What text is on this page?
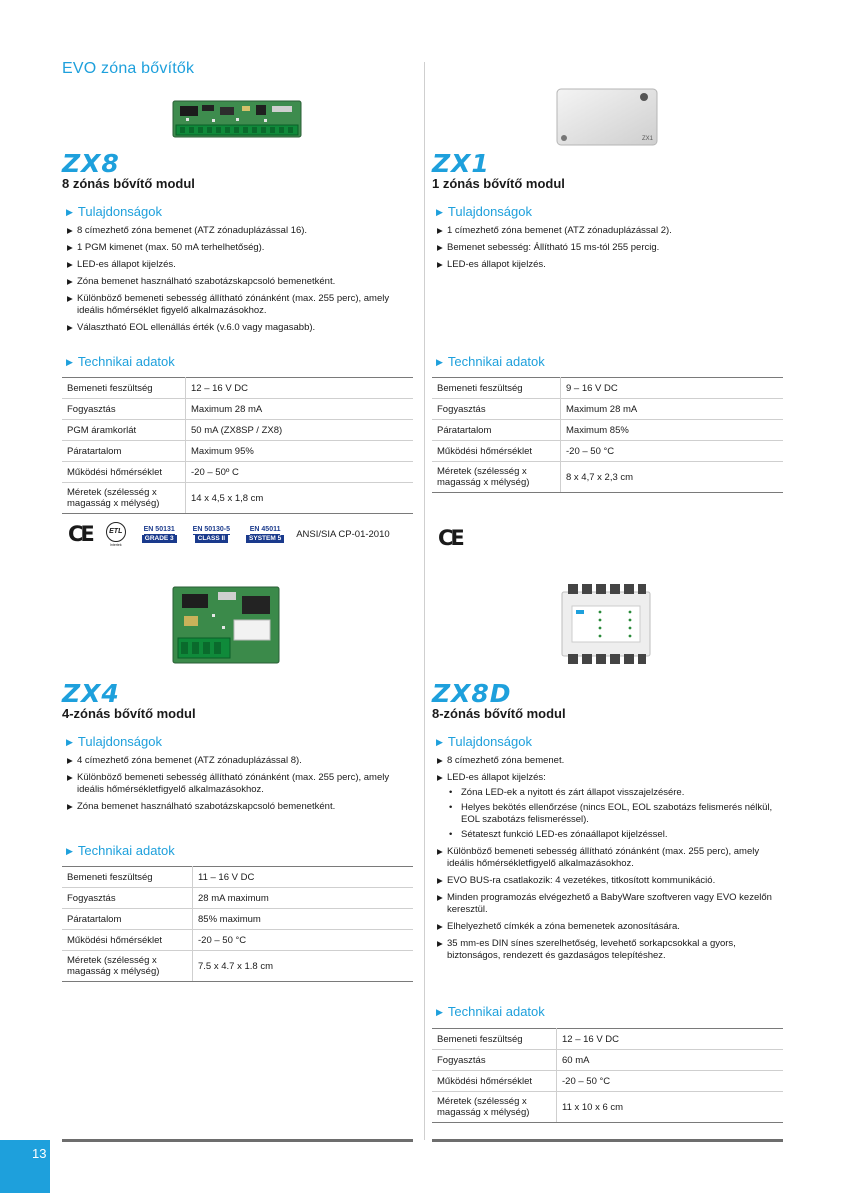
EVO zóna bővítők
ZX8
8 zónás bővítő modul
▶ Tulajdonságok
▶ 8 címezhető zóna bemenet (ATZ zónaduplázással 16).
▶ 1 PGM kimenet (max. 50 mA terhelhetőség).
▶ LED-es állapot kijelzés.
▶ Zóna bemenet használható szabotázskapcsoló bemenetként.
▶ Különböző bemeneti sebesség állítható zónánként (max. 255 perc), amely ideális hőmérséklet figyelő alkalmazásokhoz.
▶ Választható EOL ellenállás érték (v.6.0 vagy magasabb).
▶ Technikai adatok
Bemeneti feszültség	12 – 16 V DC
Fogyasztás	Maximum 28 mA
PGM áramkorlát	50 mA (ZX8SP / ZX8)
Páratartalom	Maximum 95%
Működési hőmérséklet	-20 – 50º C
Méretek (szélesség x magasság x mélység)	14 x 4,5 x 1,8 cm
CE	ETL
Intertek
EN 50131
GRADE 3
EN 50130-5
CLASS II
EN 45011
SYSTEM 5	ANSI/SIA CP-01-2010
ZX1
ZX1
1 zónás bővítő modul
▶ Tulajdonságok
▶ 1 címezhető zóna bemenet (ATZ zónaduplázással 2).
▶ Bemenet sebesség: Állítható 15 ms-tól 255 percig.
▶ LED-es állapot kijelzés.
▶ Technikai adatok
Bemeneti feszültség	9 – 16 V DC
Fogyasztás	Maximum 28 mA
Páratartalom	Maximum 85%
Működési hőmérséklet	-20 – 50 °C
Méretek (szélesség x magasság x mélység)	8 x 4,7 x 2,3 cm
CE
ZX4
4-zónás bővítő modul
▶ Tulajdonságok
▶ 4 címezhető zóna bemenet (ATZ zónaduplázással 8).
▶ Különböző bemeneti sebesség állítható zónánként (max. 255 perc), amely ideális hőmérsékletfigyelő alkalmazásokhoz.
▶ Zóna bemenet használható szabotázskapcsoló bemenetként.
▶ Technikai adatok
Bemeneti feszültség	11 – 16 V DC
Fogyasztás	28 mA maximum
Páratartalom	85% maximum
Működési hőmérséklet	-20 – 50 °C
Méretek (szélesség x magasság x mélység)	7.5 x 4.7 x 1.8 cm
ZX8D
8-zónás bővítő modul
▶ Tulajdonságok
▶ 8 címezhető zóna bemenet.
▶ LED-es állapot kijelzés:
• Zóna LED-ek a nyitott és zárt állapot visszajelzésére.
• Helyes bekötés ellenőrzése (nincs EOL, EOL szabotázs felismerés nélkül, EOL szabotázs felismeréssel).
• Sétateszt funkció LED-es zónaállapot kijelzéssel.
▶ Különböző bemeneti sebesség állítható zónánként (max. 255 perc), amely ideális hőmérsékletfigyelő alkalmazásokhoz.
▶ EVO BUS-ra csatlakozik: 4 vezetékes, titkosított kommunikáció.
▶ Minden programozás elvégezhető a BabyWare szoftveren vagy EVO kezelőn keresztül.
▶ Elhelyezhető címkék a zóna bemenetek azonosítására.
▶ 35 mm-es DIN sínes szerelhetőség, levehető sorkapcsokkal a gyors, biztonságos, rendezett és gazdaságos telepítéshez.
▶ Technikai adatok
Bemeneti feszültség	12 – 16 V DC
Fogyasztás	60 mA
Működési hőmérséklet	-20 – 50 °C
Méretek (szélesség x magasság x mélység)	11 x 10 x 6 cm
13
